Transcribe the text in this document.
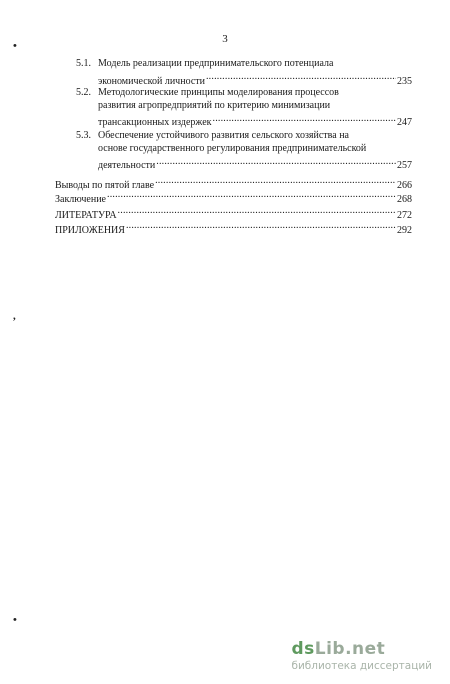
3
5.1. Модель реализации предпринимательского потенциала
экономической личности .....	235
5.2. Методологические принципы моделирования процессов
развития агропредприятий по критерию минимизации
трансакционных издержек .....	247
5.3. Обеспечение устойчивого развития сельского хозяйства на
основе государственного регулирования предпринимательской
деятельности .....	257
Выводы по пятой главе .....	266
Заключение .....	268
ЛИТЕРАТУРА .....	272
ПРИЛОЖЕНИЯ .....	292
•
,
•
dsLib.net
библиотека диссертаций
